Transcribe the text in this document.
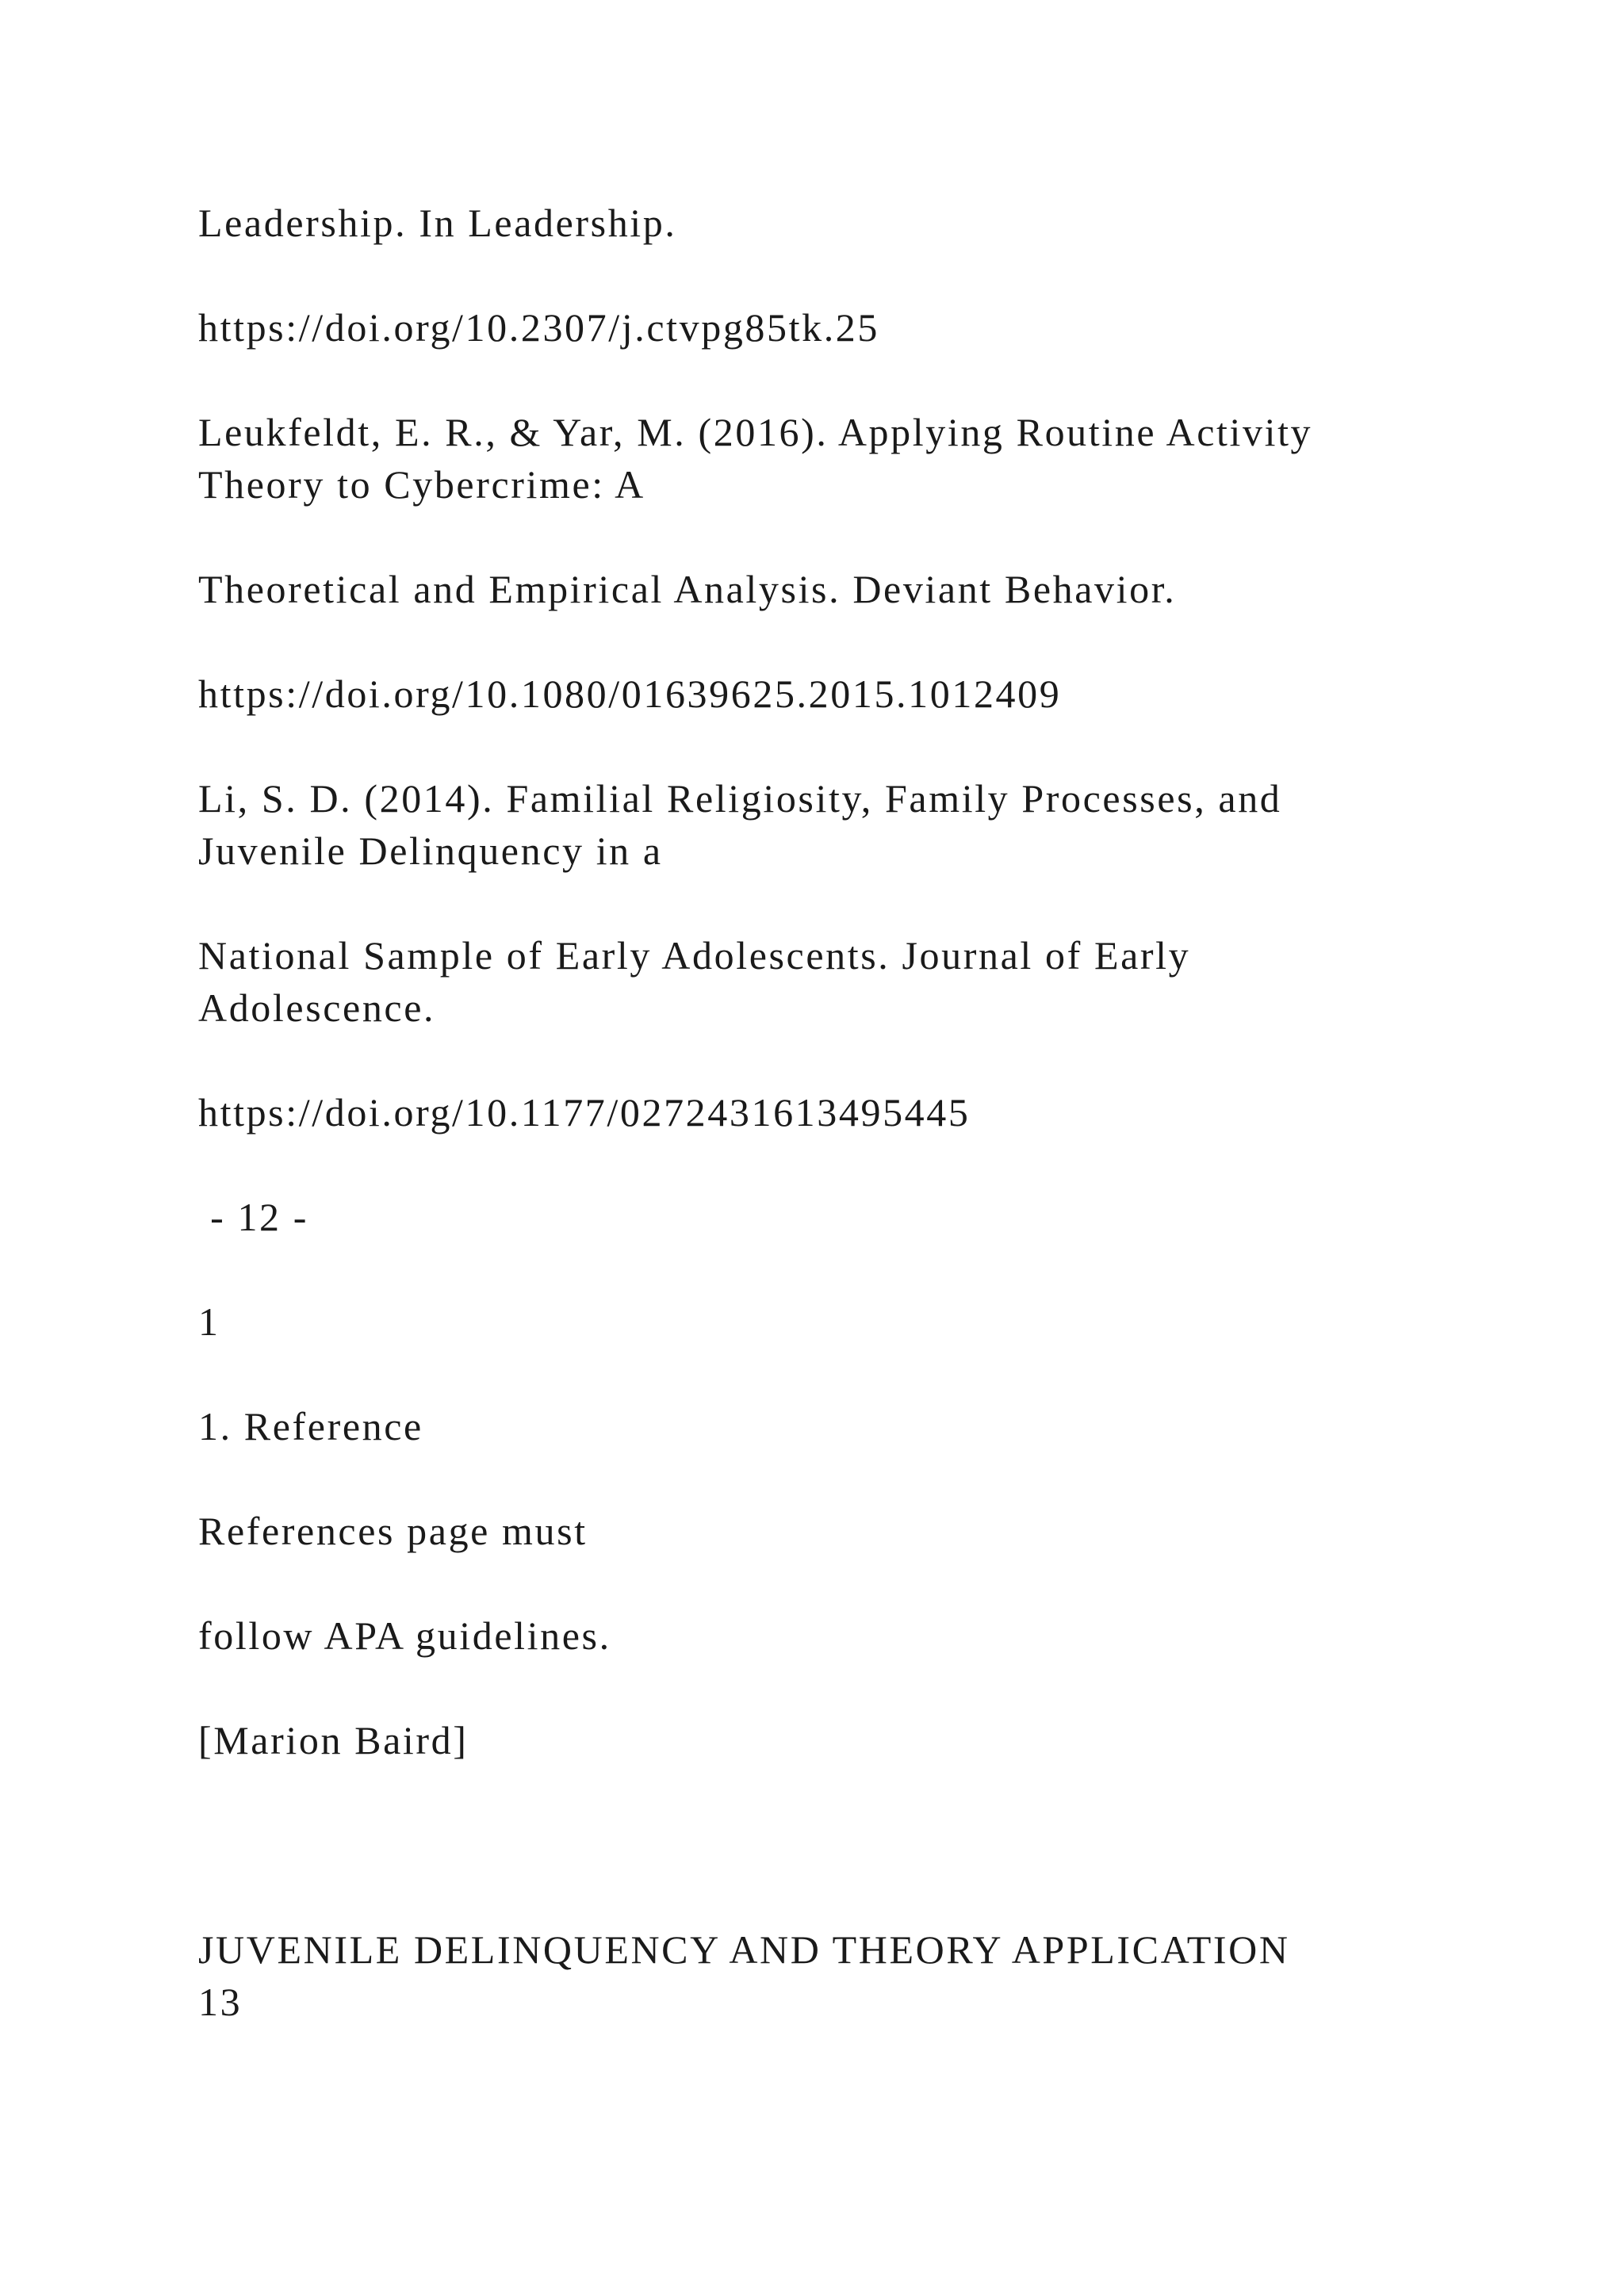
Leadership. In Leadership.

https://doi.org/10.2307/j.ctvpg85tk.25

Leukfeldt, E. R., & Yar, M. (2016). Applying Routine Activity

Theory to Cybercrime: A

Theoretical and Empirical Analysis. Deviant Behavior.

https://doi.org/10.1080/01639625.2015.1012409

Li, S. D. (2014). Familial Religiosity, Family Processes, and

Juvenile Delinquency in a

National Sample of Early Adolescents. Journal of Early

Adolescence.

https://doi.org/10.1177/0272431613495445

- 12 -

1

1. Reference

References page must

follow APA guidelines.

[Marion Baird]

JUVENILE DELINQUENCY AND THEORY APPLICATION

13
